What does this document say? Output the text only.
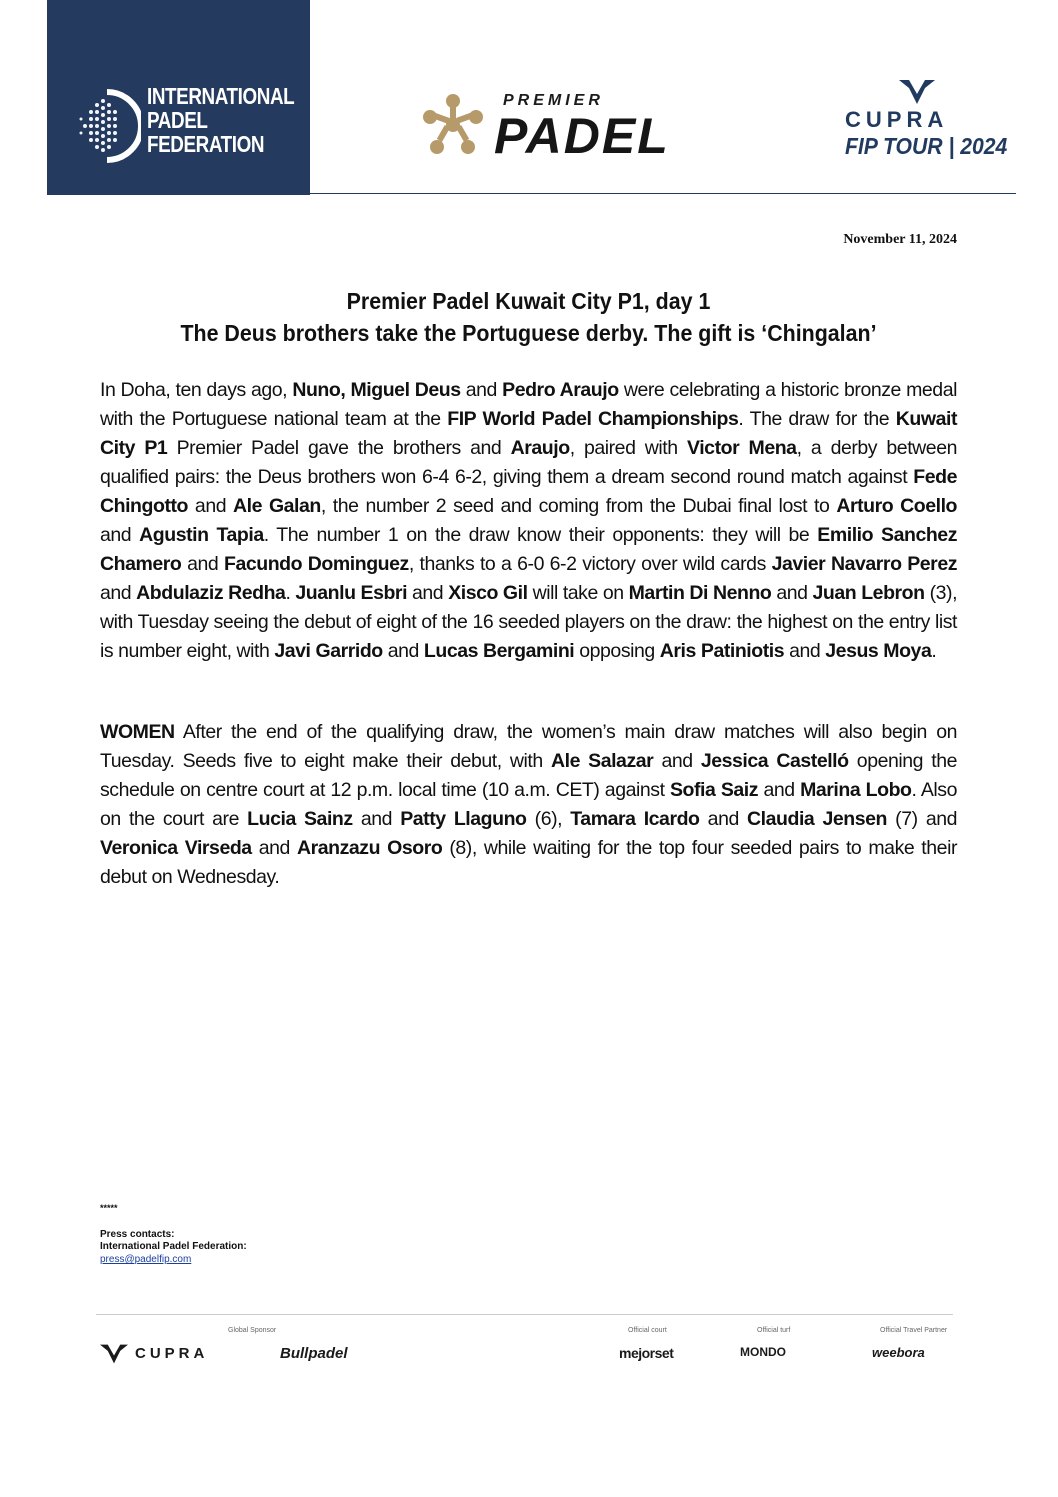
INTERNATIONAL
PADEL
FEDERATION
PREMIER
PADEL	CUPRA
FIP TOUR | 2024
November 11, 2024
Premier Padel Kuwait City P1, day 1
The Deus brothers take the Portuguese derby. The gift is ‘Chingalan’
In Doha, ten days ago, Nuno, Miguel Deus and Pedro Araujo were celebrating a historic bronze medal with the Portuguese national team at the FIP World Padel Championships. The draw for the Kuwait City P1 Premier Padel gave the brothers and Araujo, paired with Victor Mena, a derby between qualified pairs: the Deus brothers won 6-4 6-2, giving them a dream second round match against Fede Chingotto and Ale Galan, the number 2 seed and coming from the Dubai final lost to Arturo Coello and Agustin Tapia. The number 1 on the draw know their opponents: they will be Emilio Sanchez Chamero and Facundo Dominguez, thanks to a 6-0 6-2 victory over wild cards Javier Navarro Perez and Abdulaziz Redha. Juanlu Esbri and Xisco Gil will take on Martin Di Nenno and Juan Lebron (3), with Tuesday seeing the debut of eight of the 16 seeded players on the draw: the highest on the entry list is number eight, with Javi Garrido and Lucas Bergamini opposing Aris Patiniotis and Jesus Moya.
WOMEN After the end of the qualifying draw, the women’s main draw matches will also begin on Tuesday. Seeds five to eight make their debut, with Ale Salazar and Jessica Castelló opening the schedule on centre court at 12 p.m. local time (10 a.m. CET) against Sofia Saiz and Marina Lobo. Also on the court are Lucia Sainz and Patty Llaguno (6), Tamara Icardo and Claudia Jensen (7) and Veronica Virseda and Aranzazu Osoro (8), while waiting for the top four seeded pairs to make their debut on Wednesday.
*****
Press contacts:
International Padel Federation:
press@padelfip.com
Global Sponsor	Official court	Official turf	Official Travel Partner
CUPRA	Bullpadel	mejorset	MONDO	weebora
